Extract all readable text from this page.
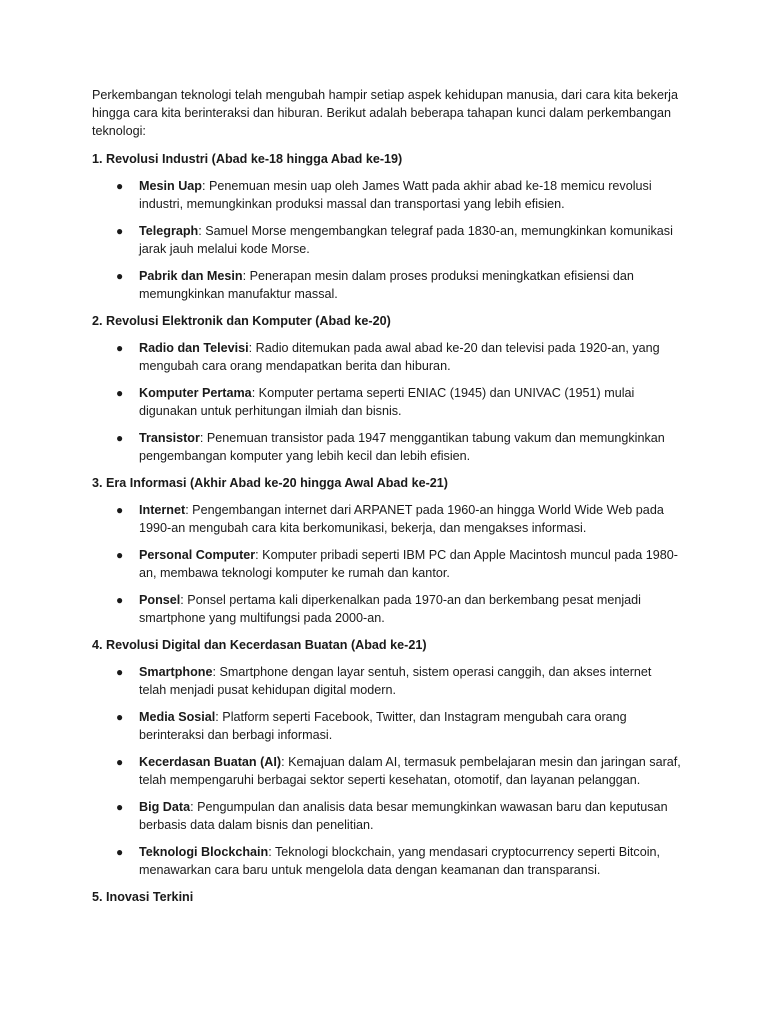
Perkembangan teknologi telah mengubah hampir setiap aspek kehidupan manusia, dari cara kita bekerja hingga cara kita berinteraksi dan hiburan. Berikut adalah beberapa tahapan kunci dalam perkembangan teknologi:

1. Revolusi Industri (Abad ke-18 hingga Abad ke-19)

● Mesin Uap: Penemuan mesin uap oleh James Watt pada akhir abad ke-18 memicu revolusi industri, memungkinkan produksi massal dan transportasi yang lebih efisien.
● Telegraph: Samuel Morse mengembangkan telegraf pada 1830-an, memungkinkan komunikasi jarak jauh melalui kode Morse.
● Pabrik dan Mesin: Penerapan mesin dalam proses produksi meningkatkan efisiensi dan memungkinkan manufaktur massal.

2. Revolusi Elektronik dan Komputer (Abad ke-20)

● Radio dan Televisi: Radio ditemukan pada awal abad ke-20 dan televisi pada 1920-an, yang mengubah cara orang mendapatkan berita dan hiburan.
● Komputer Pertama: Komputer pertama seperti ENIAC (1945) dan UNIVAC (1951) mulai digunakan untuk perhitungan ilmiah dan bisnis.
● Transistor: Penemuan transistor pada 1947 menggantikan tabung vakum dan memungkinkan pengembangan komputer yang lebih kecil dan lebih efisien.

3. Era Informasi (Akhir Abad ke-20 hingga Awal Abad ke-21)

● Internet: Pengembangan internet dari ARPANET pada 1960-an hingga World Wide Web pada 1990-an mengubah cara kita berkomunikasi, bekerja, dan mengakses informasi.
● Personal Computer: Komputer pribadi seperti IBM PC dan Apple Macintosh muncul pada 1980-an, membawa teknologi komputer ke rumah dan kantor.
● Ponsel: Ponsel pertama kali diperkenalkan pada 1970-an dan berkembang pesat menjadi smartphone yang multifungsi pada 2000-an.

4. Revolusi Digital dan Kecerdasan Buatan (Abad ke-21)

● Smartphone: Smartphone dengan layar sentuh, sistem operasi canggih, dan akses internet telah menjadi pusat kehidupan digital modern.
● Media Sosial: Platform seperti Facebook, Twitter, dan Instagram mengubah cara orang berinteraksi dan berbagi informasi.
● Kecerdasan Buatan (AI): Kemajuan dalam AI, termasuk pembelajaran mesin dan jaringan saraf, telah mempengaruhi berbagai sektor seperti kesehatan, otomotif, dan layanan pelanggan.
● Big Data: Pengumpulan dan analisis data besar memungkinkan wawasan baru dan keputusan berbasis data dalam bisnis dan penelitian.
● Teknologi Blockchain: Teknologi blockchain, yang mendasari cryptocurrency seperti Bitcoin, menawarkan cara baru untuk mengelola data dengan keamanan dan transparansi.

5. Inovasi Terkini
